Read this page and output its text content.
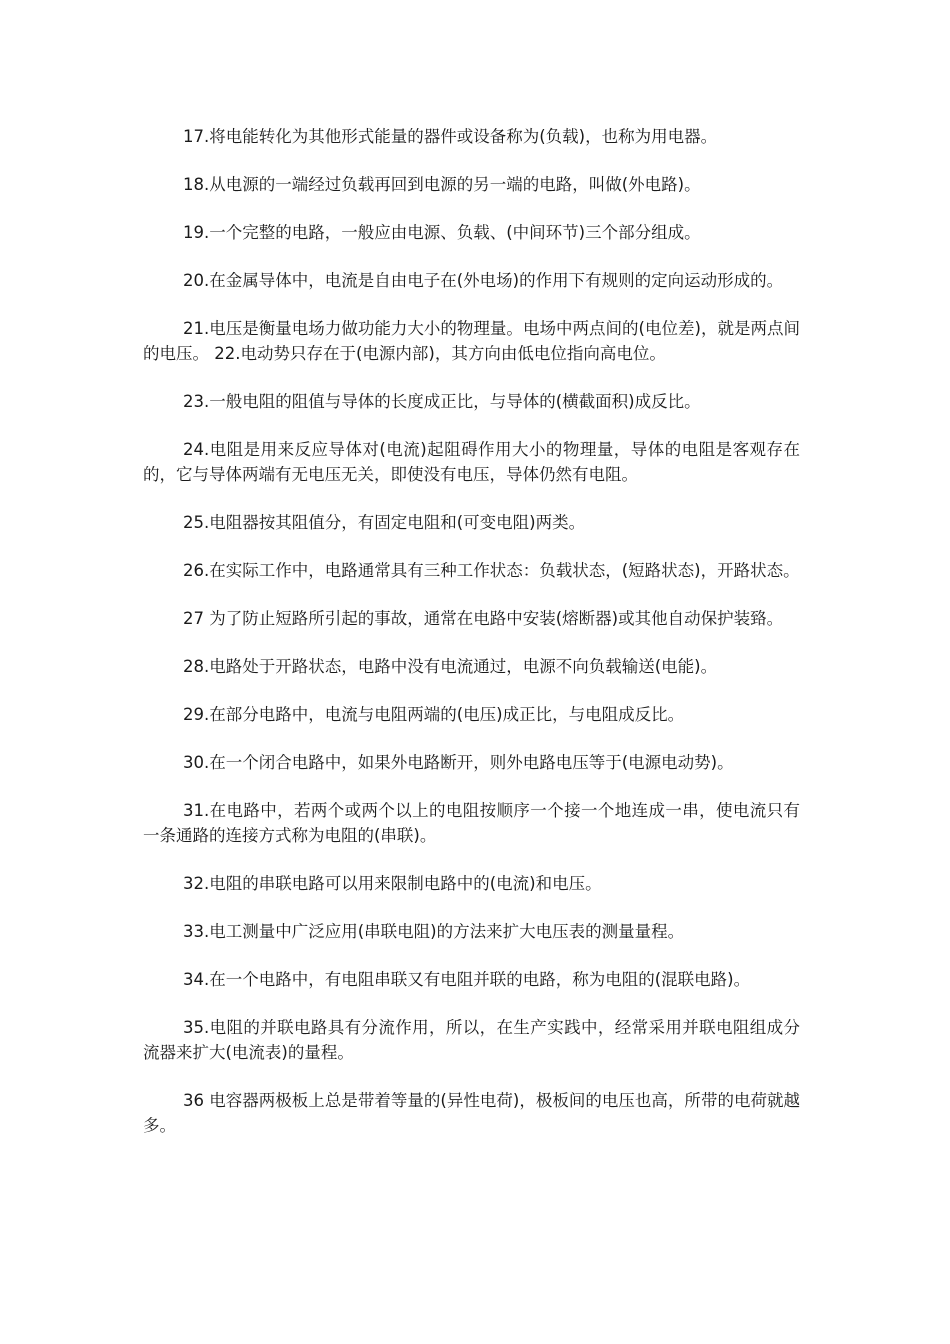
17.将电能转化为其他形式能量的器件或设备称为(负载)，也称为用电器。

18.从电源的一端经过负载再回到电源的另一端的电路，叫做(外电路)。

19.一个完整的电路，一般应由电源、负载、(中间环节)三个部分组成。

20.在金属导体中，电流是自由电子在(外电场)的作用下有规则的定向运动形成的。

21.电压是衡量电场力做功能力大小的物理量。电场中两点间的(电位差)，就是两点间的电压。 22.电动势只存在于(电源内部)，其方向由低电位指向高电位。

23.一般电阻的阻值与导体的长度成正比，与导体的(横截面积)成反比。

24.电阻是用来反应导体对(电流)起阻碍作用大小的物理量，导体的电阻是客观存在的，它与导体两端有无电压无关，即使没有电压，导体仍然有电阻。

25.电阻器按其阻值分，有固定电阻和(可变电阻)两类。

26.在实际工作中，电路通常具有三种工作状态：负载状态，(短路状态)，开路状态。

27 为了防止短路所引起的事故，通常在电路中安装(熔断器)或其他自动保护装臵。

28.电路处于开路状态，电路中没有电流通过，电源不向负载输送(电能)。

29.在部分电路中，电流与电阻两端的(电压)成正比，与电阻成反比。

30.在一个闭合电路中，如果外电路断开，则外电路电压等于(电源电动势)。

31.在电路中，若两个或两个以上的电阻按顺序一个接一个地连成一串，使电流只有一条通路的连接方式称为电阻的(串联)。

32.电阻的串联电路可以用来限制电路中的(电流)和电压。

33.电工测量中广泛应用(串联电阻)的方法来扩大电压表的测量量程。

34.在一个电路中，有电阻串联又有电阻并联的电路，称为电阻的(混联电路)。

35.电阻的并联电路具有分流作用，所以，在生产实践中，经常采用并联电阻组成分流器来扩大(电流表)的量程。

36 电容器两极板上总是带着等量的(异性电荷)，极板间的电压也高，所带的电荷就越多。
